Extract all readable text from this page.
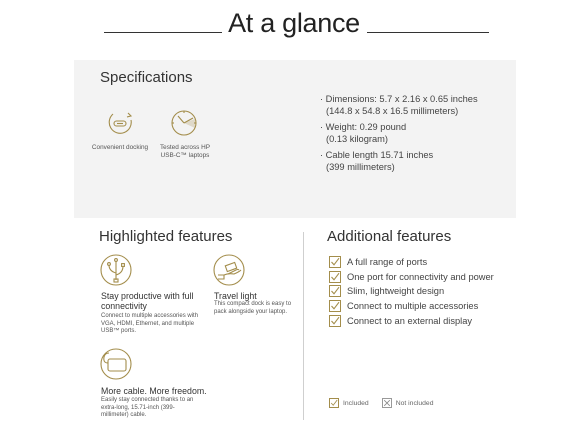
At a glance
Specifications
Convenient docking	Tested across HP USB-C™ laptops
· Dimensions: 5.7 x 2.16 x 0.65 inches
(144.8 x 54.8 x 16.5 millimeters)
· Weight: 0.29 pound
(0.13 kilogram)
· Cable length 15.71 inches
(399 millimeters)
Highlighted features
Stay productive with full connectivity
Connect to multiple accessories with VGA, HDMI, Ethernet, and multiple USB™ ports.
Travel light
This compact dock is easy to pack alongside your laptop.
More cable. More freedom.
Easily stay connected thanks to an extra-long, 15.71-inch (399-millimeter) cable.
Additional features
A full range of ports
One port for connectivity and power
Slim, lightweight design
Connect to multiple accessories
Connect to an external display
Included	Not included
